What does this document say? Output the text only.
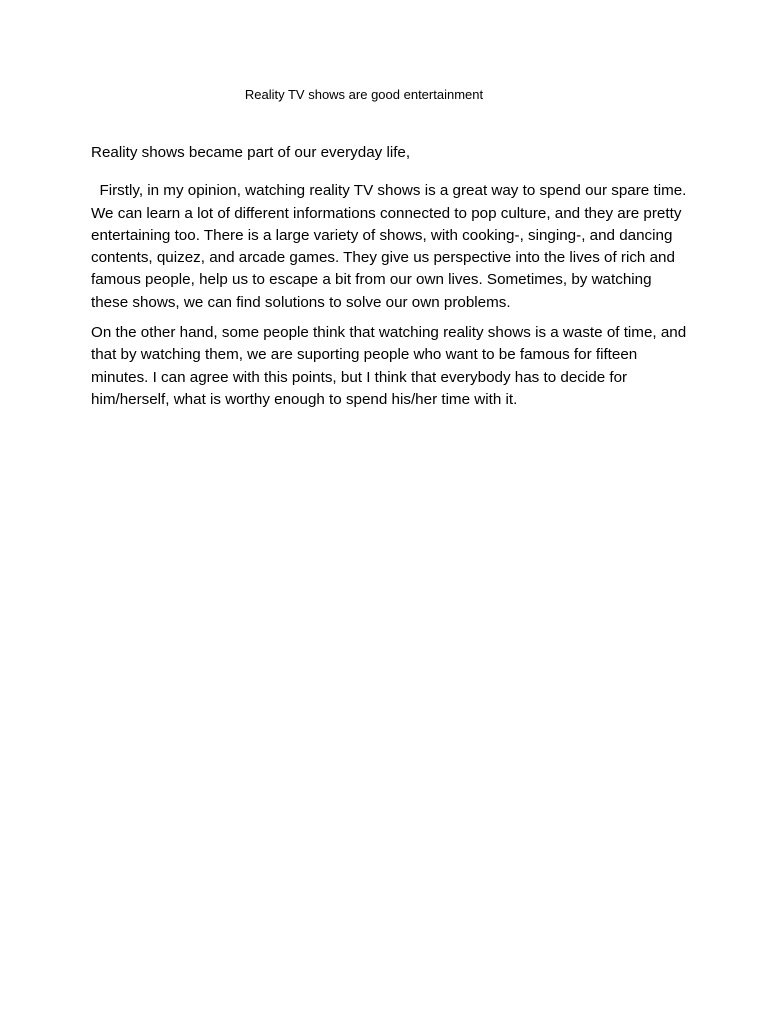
Reality TV shows are good entertainment

Reality shows became part of our everyday life,

Firstly, in my opinion, watching reality TV shows is a great way to spend our spare time. We can learn a lot of different informations connected to pop culture, and they are pretty entertaining too. There is a large variety of shows, with cooking-, singing-, and dancing contents, quizez, and arcade games. They give us perspective into the lives of rich and famous people, help us to escape a bit from our own lives. Sometimes, by watching these shows, we can find solutions to solve our own problems.

On the other hand, some people think that watching reality shows is a waste of time, and that by watching them, we are suporting people who want to be famous for fifteen minutes. I can agree with this points, but I think that everybody has to decide for him/herself, what is worthy enough to spend his/her time with it.
